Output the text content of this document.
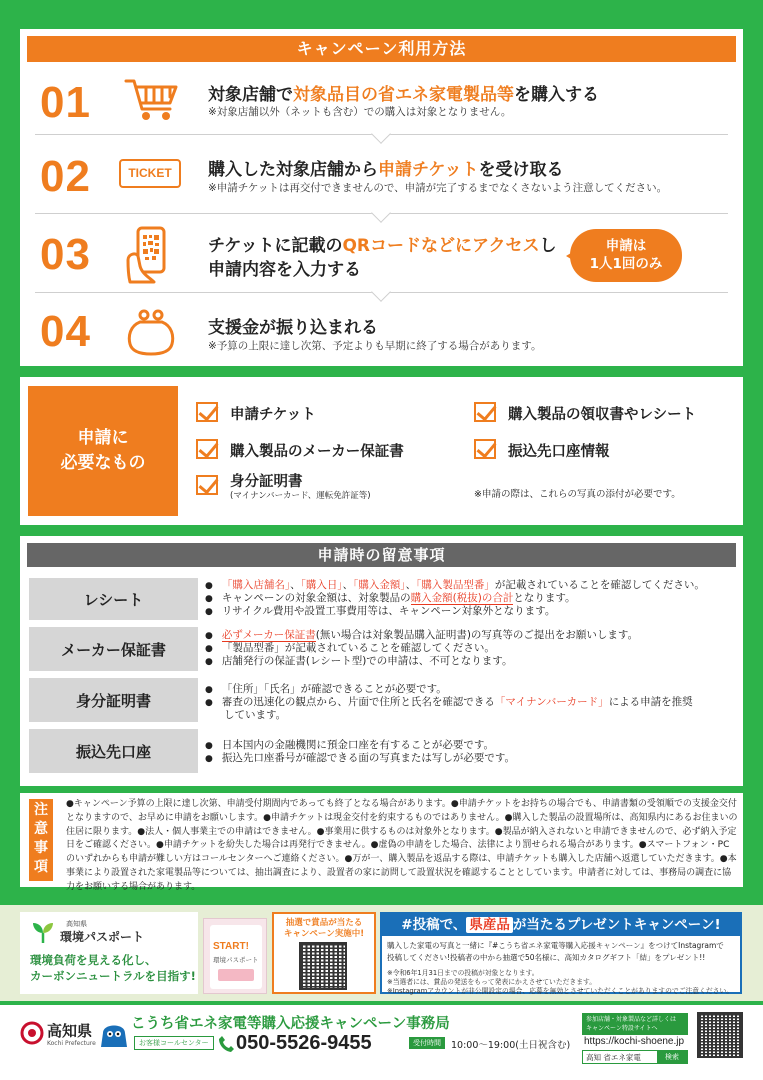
キャンペーン利用方法
01	対象店舗で対象品目の省エネ家電製品等を購入する
※対象店舗以外（ネットも含む）での購入は対象となりません。
02	TICKET	購入した対象店舗から申請チケットを受け取る
※申請チケットは再交付できませんので、申請が完了するまでなくさないよう注意してください。
03	チケットに記載のQRコードなどにアクセスし
申請内容を入力する
申請は
1人1回のみ
04	支援金が振り込まれる
※予算の上限に達し次第、予定よりも早期に終了する場合があります。
申請に
必要なもの
申請チケット	購入製品の領収書やレシート
購入製品のメーカー保証書	振込先口座情報
身分証明書
(マイナンバーカード、運転免許証等)	※申請の際は、これらの写真の添付が必要です。
申請時の留意事項
レシート
● 「購入店舗名」、「購入日」、「購入金額」、「購入製品型番」が記載されていることを確認してください。
● キャンペーンの対象金額は、対象製品の購入金額(税抜)の合計となります。
● リサイクル費用や設置工事費用等は、キャンペーン対象外となります。
メーカー保証書
● 必ずメーカー保証書(無い場合は対象製品購入証明書)の写真等のご提出をお願いします。
● 「製品型番」が記載されていることを確認してください。
● 店舗発行の保証書(レシート型)での申請は、不可となります。
身分証明書
● 「住所」「氏名」が確認できることが必要です。
● 審査の迅速化の観点から、片面で住所と氏名を確認できる「マイナンバーカード」による申請を推奨
しています。
振込先口座	● 日本国内の金融機関に預金口座を有することが必要です。
● 振込先口座番号が確認できる面の写真または写しが必要です。
注
意
事
項
●キャンペーン予算の上限に達し次第、申請受付期間内であっても終了となる場合があります。●申請チケットをお持ちの場合でも、申請書類の受領順での支援金交付となりますので、お早めに申請をお願いします。●申請チケットは現金交付を約束するものではありません。●購入した製品の設置場所は、高知県内にあるお住まいの住居に限ります。●法人・個人事業主での申請はできません。●事業用に供するものは対象外となります。●製品が納入されないと申請できませんので、必ず納入予定日をご確認ください。●申請チケットを紛失した場合は再発行できません。●虚偽の申請をした場合、法律により罰せられる場合があります。●スマートフォン・PCのいずれからも申請が難しい方はコールセンターへご連絡ください。●万が一、購入製品を返品する際は、申請チケットも購入した店舗へ返還していただきます。●本事業により設置された家電製品等については、抽出調査により、設置者の家に訪問して設置状況を確認することとしています。申請者に対しては、事務局の調査に協力をお願いする場合があります。
高知県
環境パスポート
環境負荷を見える化し、
カーボンニュートラルを目指す!
START!
環境パスポート
抽選で賞品が当たる
キャンペーン実施中!
#投稿で、 県産品 が当たるプレゼントキャンペーン!
購入した家電の写真と一緒に『#こうち省エネ家電等購入応援キャンペーン』をつけてInstagramで
投稿してください!投稿者の中から抽選で50名様に、高知カタログギフト「結」をプレゼント!!
※令和6年1月31日までの投稿が対象となります。
※当選者には、賞品の発送をもって発表にかえさせていただきます。
※Instagramアカウントが非公開設定の場合、応募を無効とさせていただくことがありますのでご注意ください。
高知県
Kochi Prefecture
こうち省エネ家電等購入応援キャンペーン事務局
お客様コールセンター 050-5526-9455	受付時間	10:00〜19:00(土日祝含む)
参加店舗・対象製品など詳しくは
キャンペーン特設サイトへ
https://kochi-shoene.jp
高知 省エネ家電	検索
